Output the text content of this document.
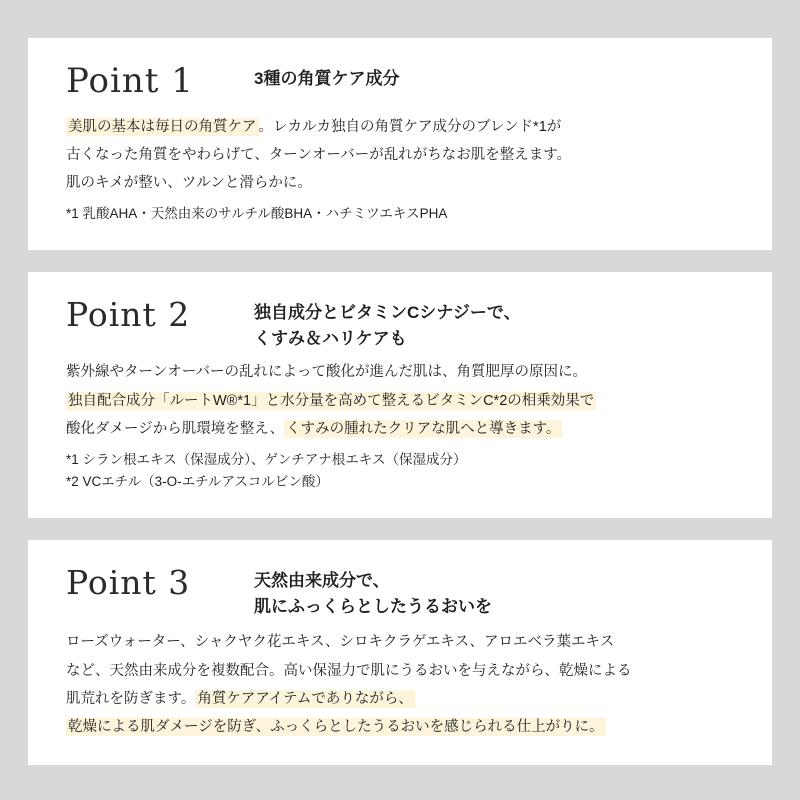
Point 1	3種の角質ケア成分

美肌の基本は毎日の角質ケア 。レカルカ独自の角質ケア成分のブレンド*1が

古くなった角質をやわらげて、ターンオーバーが乱れがちなお肌を整えます。

肌のキメが整い、ツルンと滑らかに。

*1 乳酸AHA・天然由来のサルチル酸BHA・ハチミツエキスPHA

Point 2	独自成分とビタミンCシナジーで、
くすみ＆ハリケアも

紫外線やターンオーバーの乱れによって酸化が進んだ肌は、角質肥厚の原因に。

独自配合成分「ルートW®*1」と水分量を高めて整えるビタミンC*2の相乗効果で

酸化ダメージから肌環境を整え、 くすみの腫れたクリアな肌へと導きます。

*1 シラン根エキス（保湿成分）、ゲンチアナ根エキス（保湿成分）

*2 VCエチル（3-O-エチルアスコルビン酸）

Point 3	天然由来成分で、
肌にふっくらとしたうるおいを

ローズウォーター、シャクヤク花エキス、シロキクラゲエキス、アロエベラ葉エキス

など、天然由来成分を複数配合。高い保湿力で肌にうるおいを与えながら、乾燥による

肌荒れを防ぎます。 角質ケアアイテムでありながら、

乾燥による肌ダメージを防ぎ、ふっくらとしたうるおいを感じられる仕上がりに。
